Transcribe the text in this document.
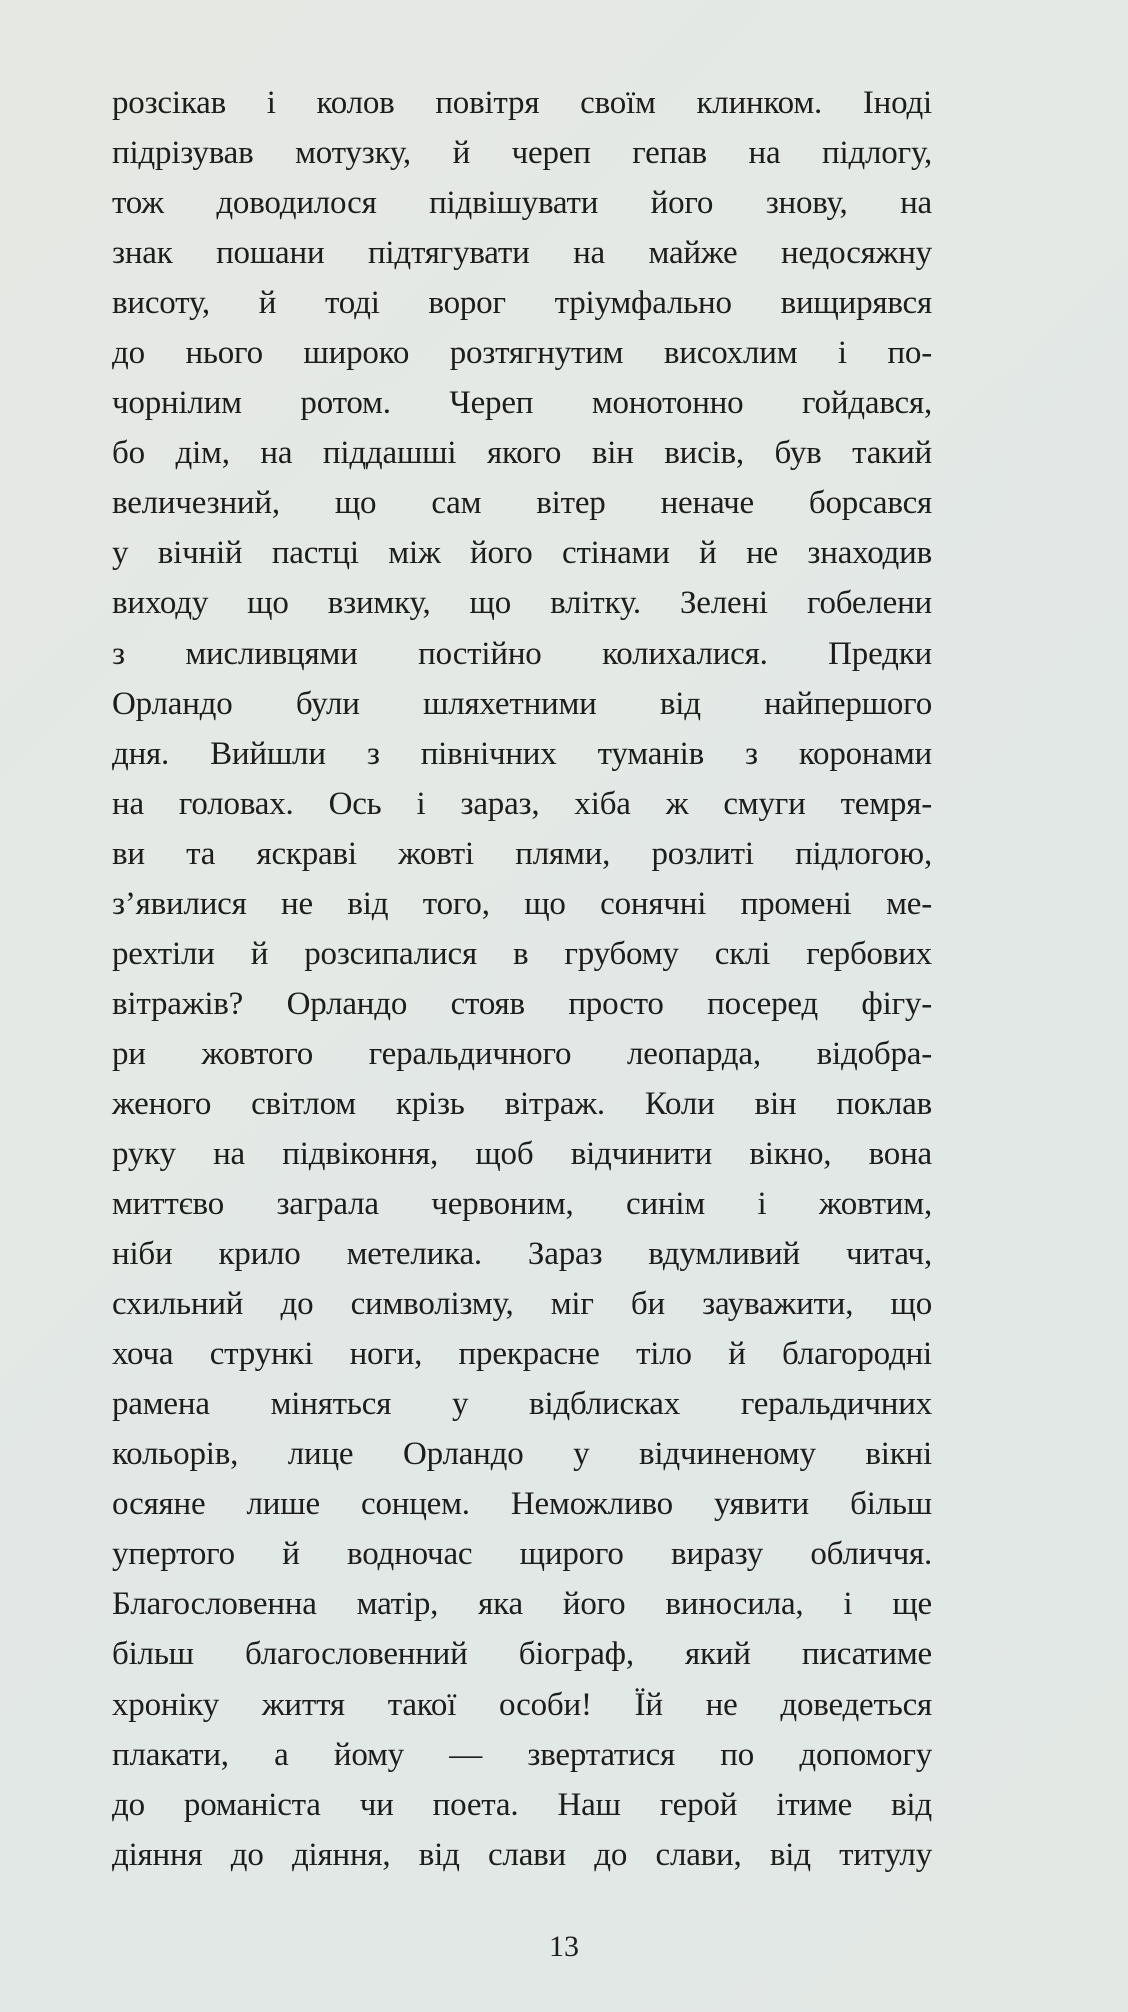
розсікав і колов повітря своїм клинком. Іноді
підрізував мотузку, й череп гепав на підлогу,
тож доводилося підвішувати його знову, на
знак пошани підтягувати на майже недосяжну
висоту, й тоді ворог тріумфально вищирявся
до нього широко розтягнутим висохлим і по-
чорнілим ротом. Череп монотонно гойдався,
бо дім, на піддашші якого він висів, був такий
величезний, що сам вітер неначе борсався
у вічній пастці між його стінами й не знаходив
виходу що взимку, що влітку. Зелені гобелени
з мисливцями постійно колихалися. Предки
Орландо були шляхетними від найпершого
дня. Вийшли з північних туманів з коронами
на головах. Ось і зараз, хіба ж смуги темря-
ви та яскраві жовті плями, розлиті підлогою,
з’явилися не від того, що сонячні промені ме-
рехтіли й розсипалися в грубому склі гербових
вітражів? Орландо стояв просто посеред фігу-
ри жовтого геральдичного леопарда, відобра-
женого світлом крізь вітраж. Коли він поклав
руку на підвіконня, щоб відчинити вікно, вона
миттєво заграла червоним, синім і жовтим,
ніби крило метелика. Зараз вдумливий читач,
схильний до символізму, міг би зауважити, що
хоча стрункі ноги, прекрасне тіло й благородні
рамена міняться у відблисках геральдичних
кольорів, лице Орландо у відчиненому вікні
осяяне лише сонцем. Неможливо уявити більш
упертого й водночас щирого виразу обличчя.
Благословенна матір, яка його виносила, і ще
більш благословенний біограф, який писатиме
хроніку життя такої особи! Їй не доведеться
плакати, а йому — звертатися по допомогу
до романіста чи поета. Наш герой ітиме від
діяння до діяння, від слави до слави, від титулу
13
